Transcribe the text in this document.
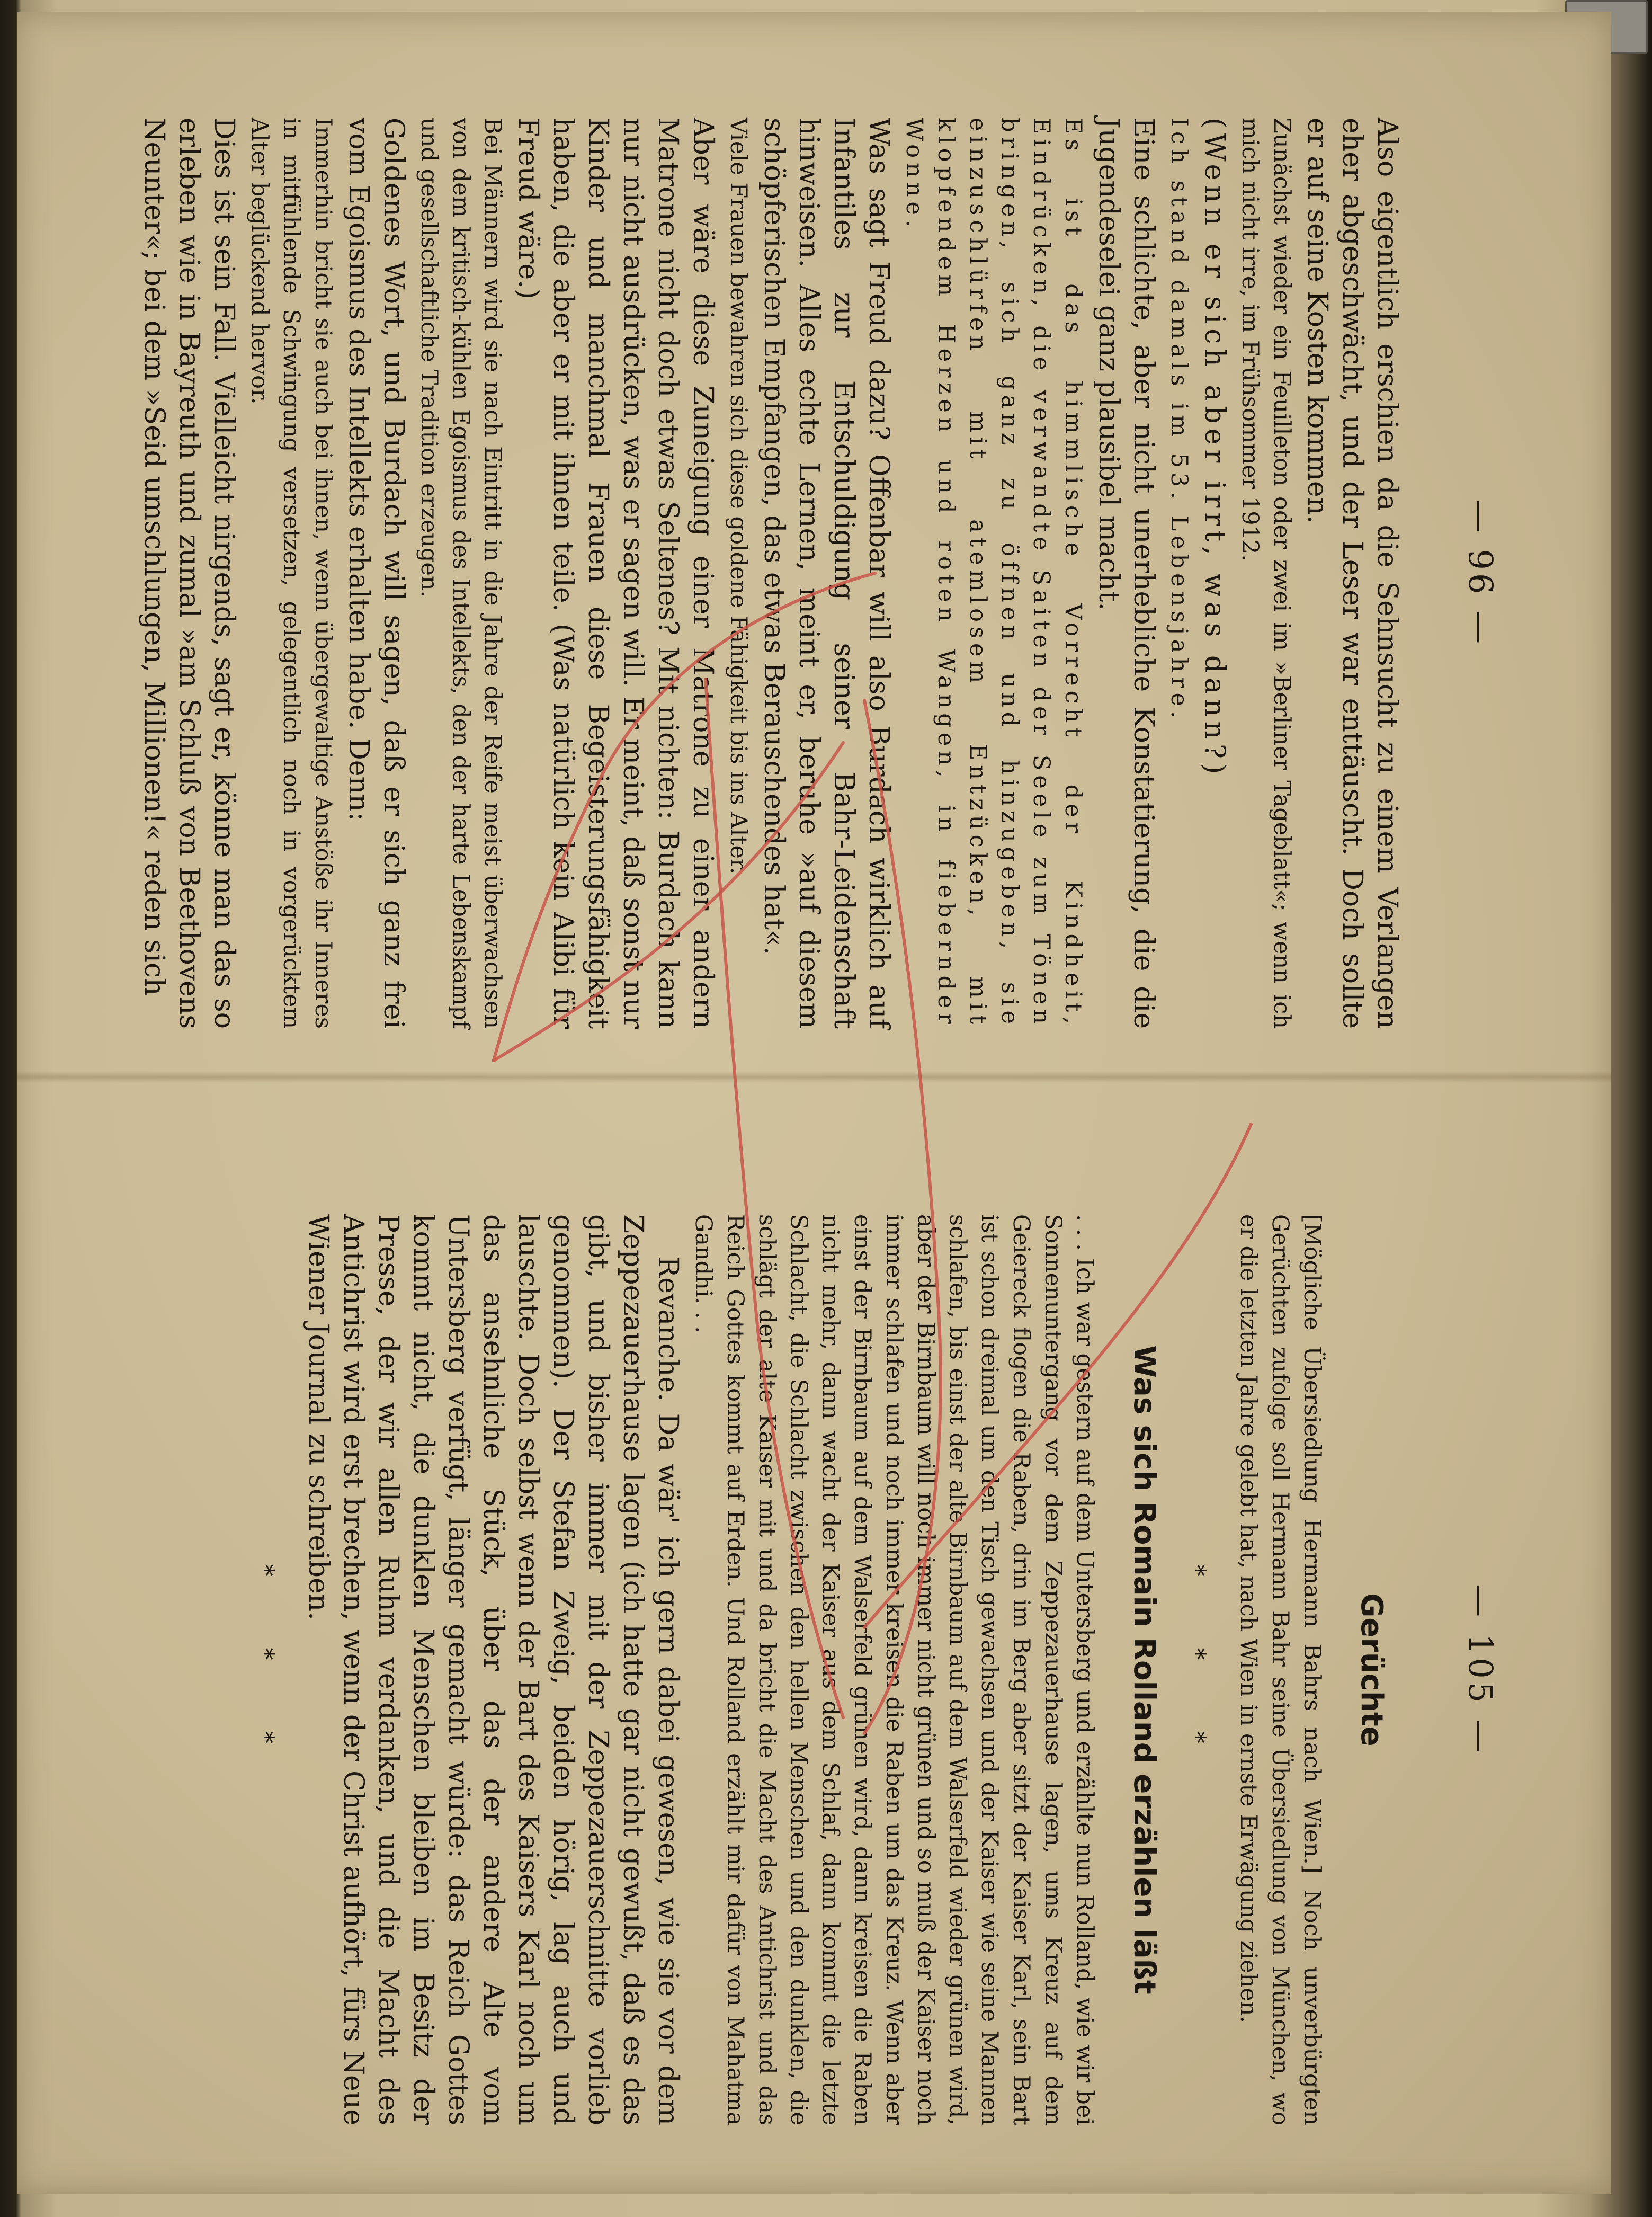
— 96 —

Also eigentlich erschien da die Sehnsucht zu einem Verlangen eher abgeschwächt, und der Leser war enttäuscht. Doch sollte er auf seine Kosten kommen.

Zunächst wieder ein Feuilleton oder zwei im »Berliner Tageblatt«; wenn ich mich nicht irre, im Frühsommer 1912.

(Wenn er sich aber irrt, was dann?)

Ich stand damals im 53. Lebensjahre.

Eine schlichte, aber nicht unerhebliche Konstatierung, die die Jugendeselei ganz plausibel macht.

Es ist das himmlische Vorrecht der Kindheit, Eindrücken, die verwandte Saiten der Seele zum Tönen bringen, sich ganz zu öffnen und hinzugeben, sie einzuschlürfen mit atemlosem Entzücken, mit klopfendem Herzen und roten Wangen, in fiebernder Wonne.

Was sagt Freud dazu? Offenbar will also Burdach wirklich auf Infantiles zur Entschuldigung seiner Bahr-Leidenschaft hinweisen. Alles echte Lernen, meint er, beruhe »auf diesem schöpferischen Empfangen, das etwas Berauschendes hat«.

Viele Frauen bewahren sich diese goldene Fähigkeit bis ins Alter.

Aber wäre diese Zuneigung einer Matrone zu einer andern Matrone nicht doch etwas Seltenes? Mit nichten: Burdach kann nur nicht ausdrücken, was er sagen will. Er meint, daß sonst nur Kinder und manchmal Frauen diese Begeisterungsfähigkeit haben, die aber er mit ihnen teile. (Was natürlich kein Alibi für Freud wäre.)

Bei Männern wird sie nach Eintritt in die Jahre der Reife meist überwachsen von dem kritisch-kühlen Egoismus des Intellekts, den der harte Lebenskampf und gesellschaftliche Tradition erzeugen.

Goldenes Wort, und Burdach will sagen, daß er sich ganz frei vom Egoismus des Intellekts erhalten habe. Denn:

Immerhin bricht sie auch bei ihnen, wenn übergewaltige Anstöße ihr Inneres in mitfühlende Schwingung versetzen, gelegentlich noch in vorgerücktem Alter beglückend hervor.

Dies ist sein Fall. Vielleicht nirgends, sagt er, könne man das so erleben wie in Bayreuth und zumal »am Schluß von Beethovens Neunter«; bei dem »Seid umschlungen, Millionen!« reden sich

— 105 —
Gerüchte

[Mögliche Übersiedlung Hermann Bahrs nach Wien.] Noch unverbürgten Gerüchten zufolge soll Hermann Bahr seine Übersiedlung von München, wo er die letzten Jahre gelebt hat, nach Wien in ernste Erwägung ziehen.

* * *
Was sich Romain Rolland erzählen läßt

. . . Ich war gestern auf dem Untersberg und erzählte nun Rolland, wie wir bei Sonnenuntergang vor dem Zeppezauerhause lagen, ums Kreuz auf dem Geiereck flogen die Raben, drin im Berg aber sitzt der Kaiser Karl, sein Bart ist schon dreimal um den Tisch gewachsen und der Kaiser wie seine Mannen schlafen, bis einst der alte Birnbaum auf dem Walserfeld wieder grünen wird, aber der Birnbaum will noch immer nicht grünen und so muß der Kaiser noch immer schlafen und noch immer kreisen die Raben um das Kreuz. Wenn aber einst der Birnbaum auf dem Walserfeld grünen wird, dann kreisen die Raben nicht mehr, dann wacht der Kaiser aus dem Schlaf, dann kommt die letzte Schlacht, die Schlacht zwischen den hellen Menschen und den dunklen, die schlägt der alte Kaiser mit und da bricht die Macht des Antichrist und das Reich Gottes kommt auf Erden. Und Rolland erzählt mir dafür von Mahatma Gandhi. . .

Revanche. Da wär' ich gern dabei gewesen, wie sie vor dem Zeppezauerhause lagen (ich hatte gar nicht gewußt, daß es das gibt, und bisher immer mit der Zeppezauerschnitte vorlieb genommen). Der Stefan Zweig, beiden hörig, lag auch und lauschte. Doch selbst wenn der Bart des Kaisers Karl noch um das ansehnliche Stück, über das der andere Alte vom Untersberg verfügt, länger gemacht würde: das Reich Gottes kommt nicht, die dunklen Menschen bleiben im Besitz der Presse, der wir allen Ruhm verdanken, und die Macht des Antichrist wird erst brechen, wenn der Christ aufhört, fürs Neue Wiener Journal zu schreiben.

* * *
